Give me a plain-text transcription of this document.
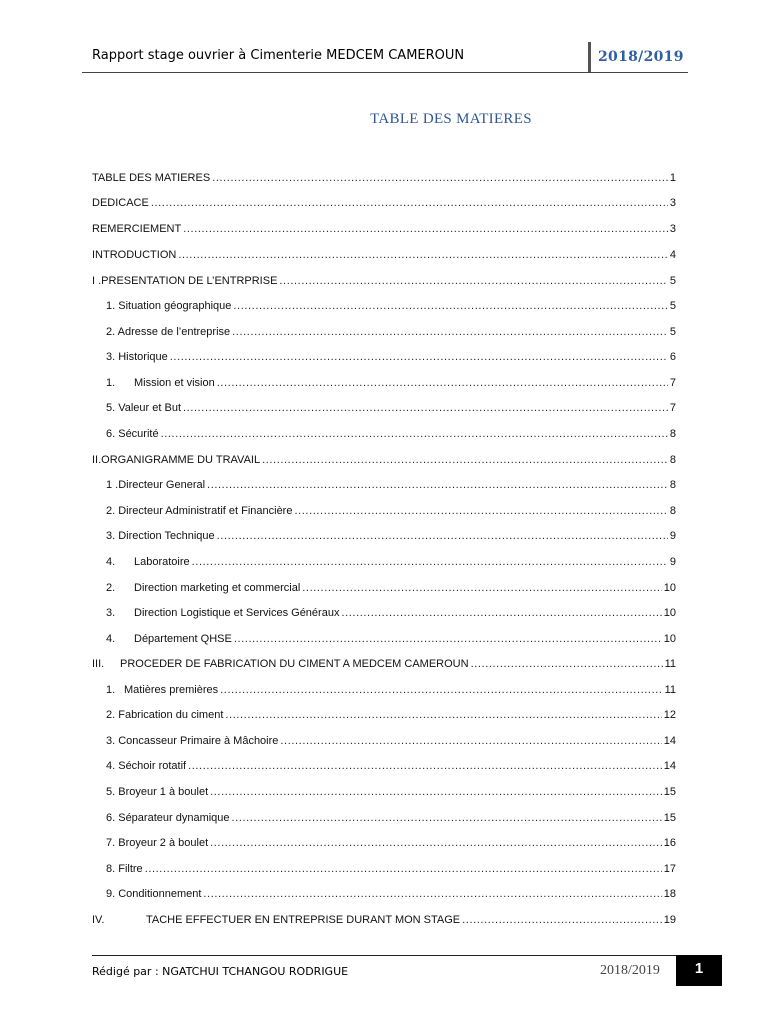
Rapport stage ouvrier à Cimenterie MEDCEM CAMEROUN	2018/2019
TABLE DES MATIERES
TABLE DES MATIERES .....	1
DEDICACE .....	3
REMERCIEMENT .....	3
INTRODUCTION .....	4
I .PRESENTATION DE L’ENTRPRISE .....	5
1. Situation géographique .....	5
2. Adresse de l’entreprise .....	5
3. Historique .....	6
1.	Mission et vision .....	7
5. Valeur et But .....	7
6. Sécurité .....	8
II.ORGANIGRAMME DU TRAVAIL .....	8
1 .Directeur General .....	8
2. Directeur Administratif et Financière .....	8
3. Direction Technique .....	9
4.	Laboratoire .....	9
2.	Direction marketing et commercial .....	10
3.	Direction Logistique et Services Généraux .....	10
4.	Département QHSE .....	10
III.	PROCEDER DE FABRICATION DU CIMENT A MEDCEM CAMEROUN .....	11
1. Matières premières .....	11
2. Fabrication du ciment .....	12
3. Concasseur Primaire à Mâchoire .....	14
4. Séchoir rotatif .....	14
5. Broyeur 1 à boulet .....	15
6. Séparateur dynamique .....	15
7. Broyeur 2 à boulet .....	16
8. Filtre .....	17
9. Conditionnement .....	18
IV.	TACHE EFFECTUER EN ENTREPRISE DURANT MON STAGE .....	19
Rédigé par : NGATCHUI TCHANGOU RODRIGUE	2018/2019	1
